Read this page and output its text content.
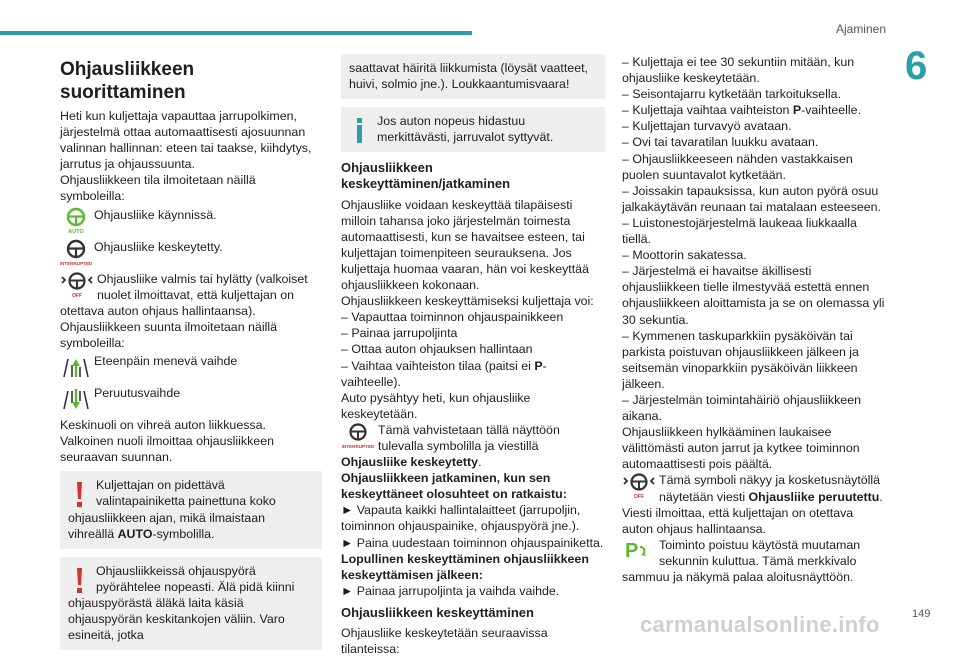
Ajaminen
6

Ohjausliikkeen suorittaminen

Heti kun kuljettaja vapauttaa jarrupolkimen, järjestelmä ottaa automaattisesti ajosuunnan valinnan hallinnan: eteen tai taakse, kiihdytys, jarrutus ja ohjaussuunta.

Ohjausliikkeen tila ilmoitetaan näillä symboleilla:

AUTO
Ohjausliike käynnissä.
INTERRUPTED
Ohjausliike keskeytetty.
OFF
Ohjausliike valmis tai hylätty (valkoiset nuolet ilmoittavat, että kuljettajan on otettava auton ohjaus hallintaansa).

Ohjausliikkeen suunta ilmoitetaan näillä symboleilla:

Eteenpäin menevä vaihde
Peruutusvaihde

Keskinuoli on vihreä auton liikkuessa. Valkoinen nuoli ilmoittaa ohjausliikkeen seuraavan suunnan.

Kuljettajan on pidettävä valintapainiketta painettuna koko ohjausliikkeen ajan, mikä ilmaistaan vihreällä AUTO-symbolilla.
Ohjausliikkeissä ohjauspyörä pyörähtelee nopeasti. Älä pidä kiinni ohjauspyörästä äläkä laita käsiä ohjauspyörän keskitankojen väliin. Varo esineitä, jotka
saattavat häiritä liikkumista (löysät vaatteet, huivi, solmio jne.). Loukkaantumisvaara!
Jos auton nopeus hidastuu merkittävästi, jarruvalot syttyvät.

Ohjausliikkeen keskeyttäminen/jatkaminen

Ohjausliike voidaan keskeyttää tilapäisesti milloin tahansa joko järjestelmän toimesta automaattisesti, kun se havaitsee esteen, tai kuljettajan toimenpiteen seurauksena. Jos kuljettaja huomaa vaaran, hän voi keskeyttää ohjausliikkeen kokonaan.

Ohjausliikkeen keskeyttämiseksi kuljettaja voi:

– Vapauttaa toiminnon ohjauspainikkeen

– Painaa jarrupoljinta

– Ottaa auton ohjauksen hallintaan

– Vaihtaa vaihteiston tilaa (paitsi ei P-vaihteelle).

Auto pysähtyy heti, kun ohjausliike keskeytetään.

INTERRUPTED
Tämä vahvistetaan tällä näyttöön tulevalla symbolilla ja viestillä Ohjausliike keskeytetty.

Ohjausliikkeen jatkaminen, kun sen keskeyttäneet olosuhteet on ratkaistu:

► Vapauta kaikki hallintalaitteet (jarrupoljin, toiminnon ohjauspainike, ohjauspyörä jne.).

► Paina uudestaan toiminnon ohjauspainiketta.

Lopullinen keskeyttäminen ohjausliikkeen keskeyttämisen jälkeen:

► Painaa jarrupoljinta ja vaihda vaihde.

Ohjausliikkeen keskeyttäminen

Ohjausliike keskeytetään seuraavissa tilanteissa:

– Kuljettaja ei tee 30 sekuntiin mitään, kun ohjausliike keskeytetään.

– Seisontajarru kytketään tarkoituksella.

– Kuljettaja vaihtaa vaihteiston P-vaihteelle.

– Kuljettajan turvavyö avataan.

– Ovi tai tavaratilan luukku avataan.

– Ohjausliikkeeseen nähden vastakkaisen puolen suuntavalot kytketään.

– Joissakin tapauksissa, kun auton pyörä osuu jalkakäytävän reunaan tai matalaan esteeseen.

– Luistonestojärjestelmä laukeaa liukkaalla tiellä.

– Moottorin sakatessa.

– Järjestelmä ei havaitse äkillisesti ohjausliikkeen tielle ilmestyvää estettä ennen ohjausliikkeen aloittamista ja se on olemassa yli 30 sekuntia.

– Kymmenen taskuparkkiin pysäköivän tai parkista poistuvan ohjausliikkeen jälkeen ja seitsemän vinoparkkiin pysäköivän liikkeen jälkeen.

– Järjestelmän toimintahäiriö ohjausliikkeen aikana.

Ohjausliikkeen hylkääminen laukaisee välittömästi auton jarrut ja kytkee toiminnon automaattisesti pois päältä.

OFF
Tämä symboli näkyy ja kosketusnäytöllä näytetään viesti Ohjausliike peruutettu.

Viesti ilmoittaa, että kuljettajan on otettava auton ohjaus hallintaansa.

P Toiminto poistuu käytöstä muutaman sekunnin kuluttua. Tämä merkkivalo sammuu ja näkymä palaa aloitusnäyttöön.
149
carmanualsonline.info
